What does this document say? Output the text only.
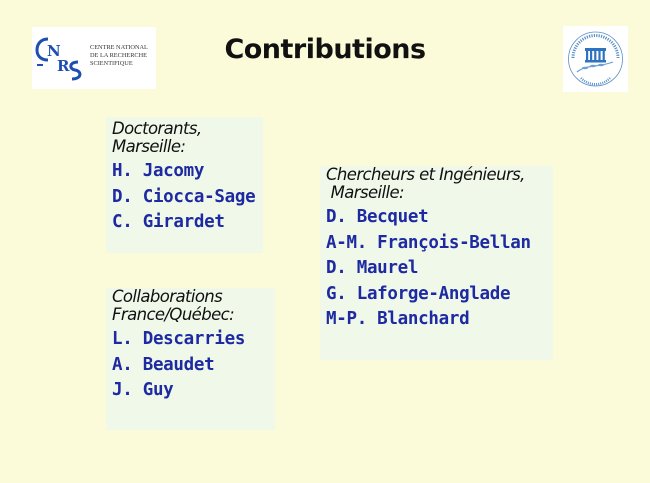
N
R
CENTRE NATIONAL
DE LA RECHERCHE
SCIENTIFIQUE	Contributions
Doctorants,
Marseille:
H. Jacomy
D. Ciocca-Sage
C. Girardet
Chercheurs et Ingénieurs,
Marseille:
D. Becquet
A-M. François-Bellan
D. Maurel
G. Laforge-Anglade
M-P. Blanchard
Collaborations
France/Québec:
L. Descarries
A. Beaudet
J. Guy
